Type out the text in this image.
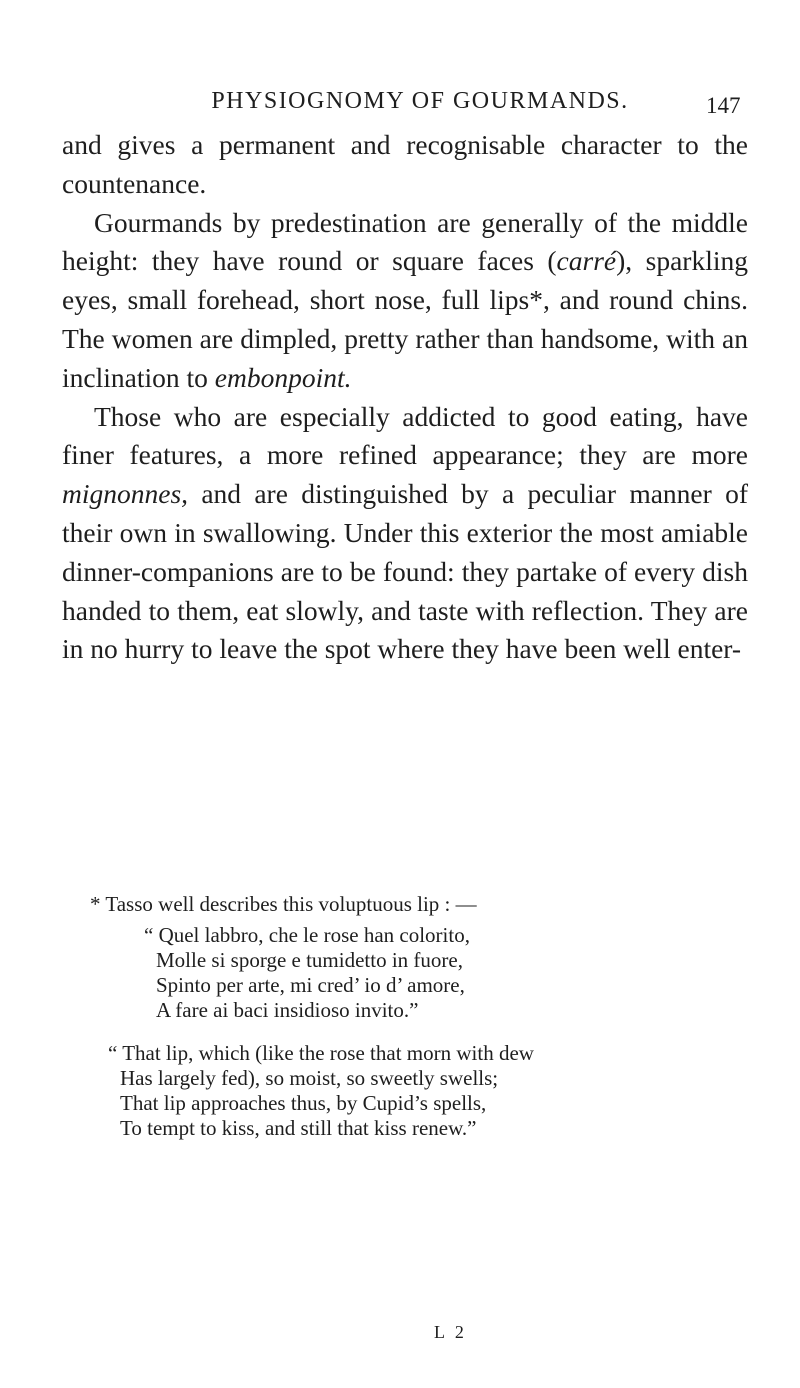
PHYSIOGNOMY OF GOURMANDS.	147

and gives a permanent and recognisable character to the countenance.

Gourmands by predestination are generally of the middle height: they have round or square faces (carré), sparkling eyes, small forehead, short nose, full lips*, and round chins. The women are dimpled, pretty rather than handsome, with an inclination to embonpoint.

Those who are especially addicted to good eating, have finer features, a more refined appearance; they are more mignonnes, and are distinguished by a peculiar manner of their own in swallowing. Under this exterior the most amiable dinner-companions are to be found: they partake of every dish handed to them, eat slowly, and taste with reflection. They are in no hurry to leave the spot where they have been well enter-

* Tasso well describes this voluptuous lip : —

“ Quel labbro, che le rose han colorito,
Molle si sporge e tumidetto in fuore,
Spinto per arte, mi cred’ io d’ amore,
A fare ai baci insidioso invito.”
“ That lip, which (like the rose that morn with dew
Has largely fed), so moist, so sweetly swells;
That lip approaches thus, by Cupid’s spells,
To tempt to kiss, and still that kiss renew.”
L 2
